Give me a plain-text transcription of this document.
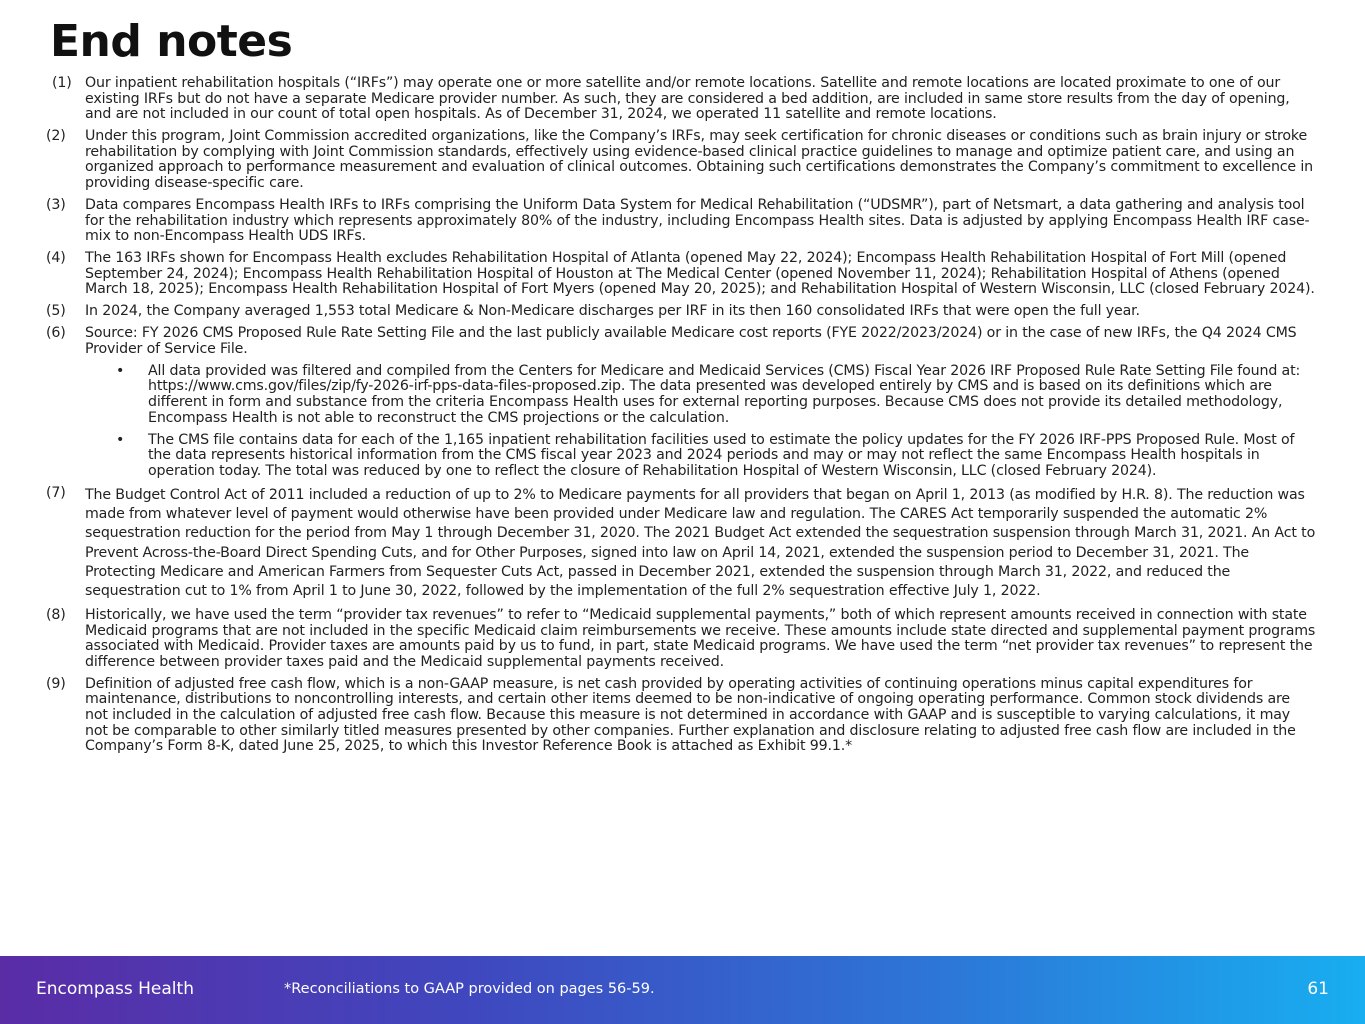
End notes
(1) Our inpatient rehabilitation hospitals (“IRFs”) may operate one or more satellite and/or remote locations. Satellite and remote locations are located proximate to one of our existing IRFs but do not have a separate Medicare provider number. As such, they are considered a bed addition, are included in same store results from the day of opening, and are not included in our count of total open hospitals. As of December 31, 2024, we operated 11 satellite and remote locations.
(2)	Under this program, Joint Commission accredited organizations, like the Company’s IRFs, may seek certification for chronic diseases or conditions such as brain injury or stroke rehabilitation by complying with Joint Commission standards, effectively using evidence-based clinical practice guidelines to manage and optimize patient care, and using an organized approach to performance measurement and evaluation of clinical outcomes. Obtaining such certifications demonstrates the Company’s commitment to excellence in providing disease-specific care.
(3)	Data compares Encompass Health IRFs to IRFs comprising the Uniform Data System for Medical Rehabilitation (“UDSMR”), part of Netsmart, a data gathering and analysis tool for the rehabilitation industry which represents approximately 80% of the industry, including Encompass Health sites. Data is adjusted by applying Encompass Health IRF case-mix to non-Encompass Health UDS IRFs.
(4)	The 163 IRFs shown for Encompass Health excludes Rehabilitation Hospital of Atlanta (opened May 22, 2024); Encompass Health Rehabilitation Hospital of Fort Mill (opened September 24, 2024); Encompass Health Rehabilitation Hospital of Houston at The Medical Center (opened November 11, 2024); Rehabilitation Hospital of Athens (opened March 18, 2025); Encompass Health Rehabilitation Hospital of Fort Myers (opened May 20, 2025); and Rehabilitation Hospital of Western Wisconsin, LLC (closed February 2024).
(5)	In 2024, the Company averaged 1,553 total Medicare & Non-Medicare discharges per IRF in its then 160 consolidated IRFs that were open the full year.
(6)	Source: FY 2026 CMS Proposed Rule Rate Setting File and the last publicly available Medicare cost reports (FYE 2022/2023/2024) or in the case of new IRFs, the Q4 2024 CMS Provider of Service File.
•	All data provided was filtered and compiled from the Centers for Medicare and Medicaid Services (CMS) Fiscal Year 2026 IRF Proposed Rule Rate Setting File found at: https://www.cms.gov/files/zip/fy-2026-irf-pps-data-files-proposed.zip. The data presented was developed entirely by CMS and is based on its definitions which are different in form and substance from the criteria Encompass Health uses for external reporting purposes. Because CMS does not provide its detailed methodology, Encompass Health is not able to reconstruct the CMS projections or the calculation.
•	The CMS file contains data for each of the 1,165 inpatient rehabilitation facilities used to estimate the policy updates for the FY 2026 IRF-PPS Proposed Rule. Most of the data represents historical information from the CMS fiscal year 2023 and 2024 periods and may or may not reflect the same Encompass Health hospitals in operation today. The total was reduced by one to reflect the closure of Rehabilitation Hospital of Western Wisconsin, LLC (closed February 2024).
(7)	The Budget Control Act of 2011 included a reduction of up to 2% to Medicare payments for all providers that began on April 1, 2013 (as modified by H.R. 8). The reduction was made from whatever level of payment would otherwise have been provided under Medicare law and regulation. The CARES Act temporarily suspended the automatic 2% sequestration reduction for the period from May 1 through December 31, 2020. The 2021 Budget Act extended the sequestration suspension through March 31, 2021. An Act to Prevent Across-the-Board Direct Spending Cuts, and for Other Purposes, signed into law on April 14, 2021, extended the suspension period to December 31, 2021. The Protecting Medicare and American Farmers from Sequester Cuts Act, passed in December 2021, extended the suspension through March 31, 2022, and reduced the sequestration cut to 1% from April 1 to June 30, 2022, followed by the implementation of the full 2% sequestration effective July 1, 2022.
(8)	Historically, we have used the term “provider tax revenues” to refer to “Medicaid supplemental payments,” both of which represent amounts received in connection with state Medicaid programs that are not included in the specific Medicaid claim reimbursements we receive. These amounts include state directed and supplemental payment programs associated with Medicaid. Provider taxes are amounts paid by us to fund, in part, state Medicaid programs. We have used the term “net provider tax revenues” to represent the difference between provider taxes paid and the Medicaid supplemental payments received.
(9)	Definition of adjusted free cash flow, which is a non-GAAP measure, is net cash provided by operating activities of continuing operations minus capital expenditures for maintenance, distributions to noncontrolling interests, and certain other items deemed to be non-indicative of ongoing operating performance. Common stock dividends are not included in the calculation of adjusted free cash flow. Because this measure is not determined in accordance with GAAP and is susceptible to varying calculations, it may not be comparable to other similarly titled measures presented by other companies. Further explanation and disclosure relating to adjusted free cash flow are included in the Company’s Form 8-K, dated June 25, 2025, to which this Investor Reference Book is attached as Exhibit 99.1.*
Encompass Health	*Reconciliations to GAAP provided on pages 56-59.	61
